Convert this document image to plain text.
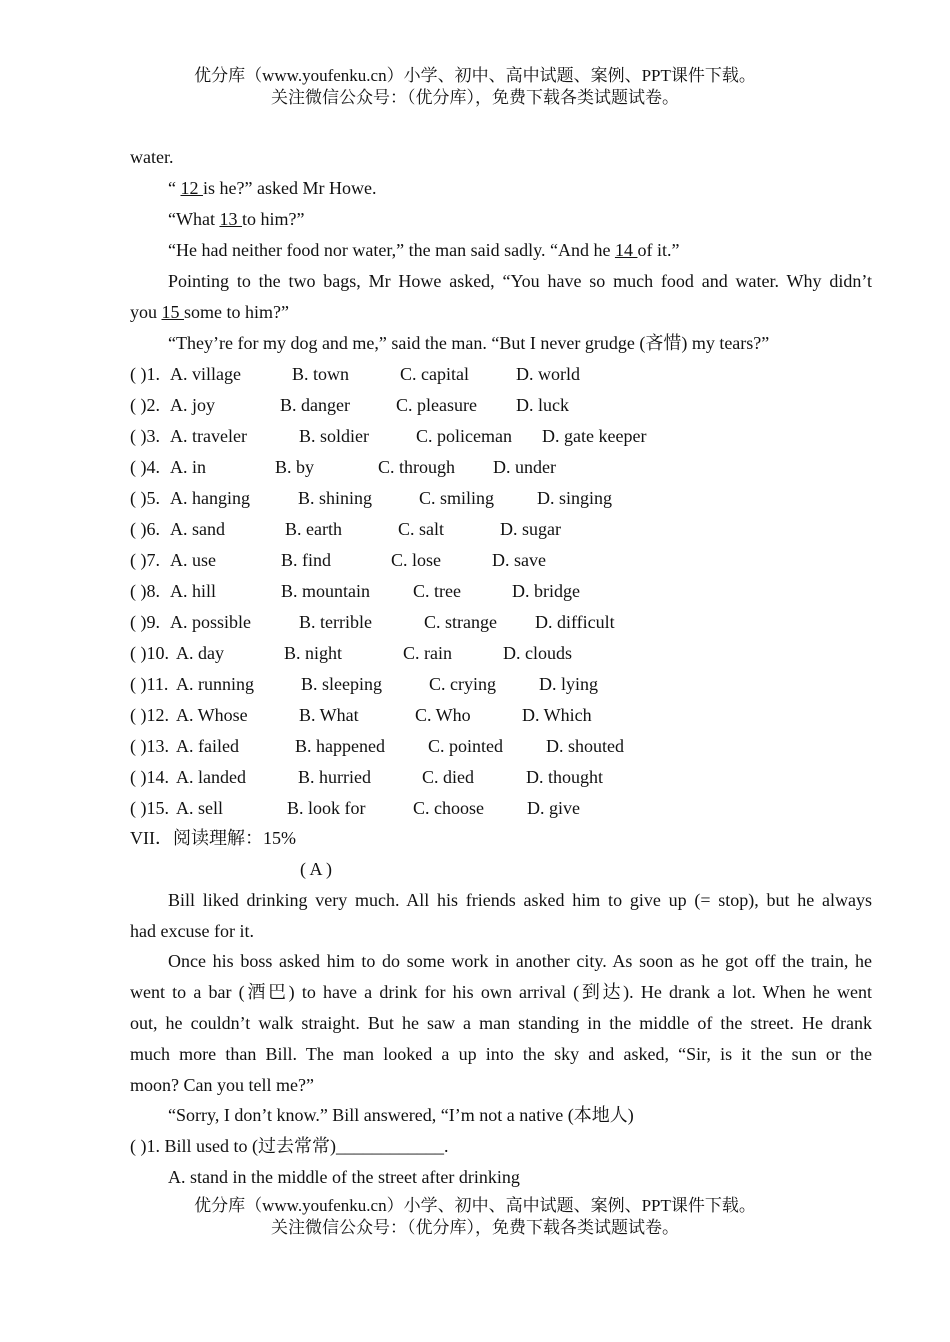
优分库（www.youfenku.cn）小学、初中、高中试题、案例、PPT课件下载。
关注微信公众号：（优分库），免费下载各类试题试卷。
water.
“ 12 is he?” asked Mr Howe.
“What 13 to him?”
“He had neither food nor water,” the man said sadly. “And he 14 of it.”
Pointing to the two bags, Mr Howe asked, “You have so much food and water. Why didn’t
you 15 some to him?”
“They’re for my dog and me,” said the man. “But I never grudge (吝惜) my tears?”
( )1. A. village	B. town	C. capital	D. world
( )2. A. joy	B. danger	C. pleasure D. luck
( )3. A. traveler	B. soldier	C. policeman D. gate keeper
( )4. A. in	B. by	C. through D. under
( )5. A. hanging	B. shining	C. smiling D. singing
( )6. A. sand	B. earth	C. salt	D. sugar
( )7. A. use	B. find	C. lose	D. save
( )8. A. hill	B. mountain C. tree	D. bridge
( )9. A. possible	B. terrible	C. strange D. difficult
( )10. A. day	B. night	C. rain	D. clouds
( )11. A. running	B. sleeping	C. crying D. lying
( )12. A. Whose	B. What	C. Who	D. Which
( )13. A. failed	B. happened C. pointed D. shouted
( )14. A. landed	B. hurried	C. died	D. thought
( )15. A. sell	B. look for	C. choose D. give
VII．阅读理解：15%
( A )
Bill liked drinking very much. All his friends asked him to give up (= stop), but he always
had excuse for it.
Once his boss asked him to do some work in another city. As soon as he got off the train, he
went to a bar (酒巴) to have a drink for his own arrival (到达). He drank a lot. When he went
out, he couldn’t walk straight. But he saw a man standing in the middle of the street. He drank
much more than Bill. The man looked a up into the sky and asked, “Sir, is it the sun or the
moon? Can you tell me?”
“Sorry, I don’t know.” Bill answered, “I’m not a native (本地人)
( )1. Bill used to (过去常常)____________.
A. stand in the middle of the street after drinking
优分库（www.youfenku.cn）小学、初中、高中试题、案例、PPT课件下载。
关注微信公众号：（优分库），免费下载各类试题试卷。
